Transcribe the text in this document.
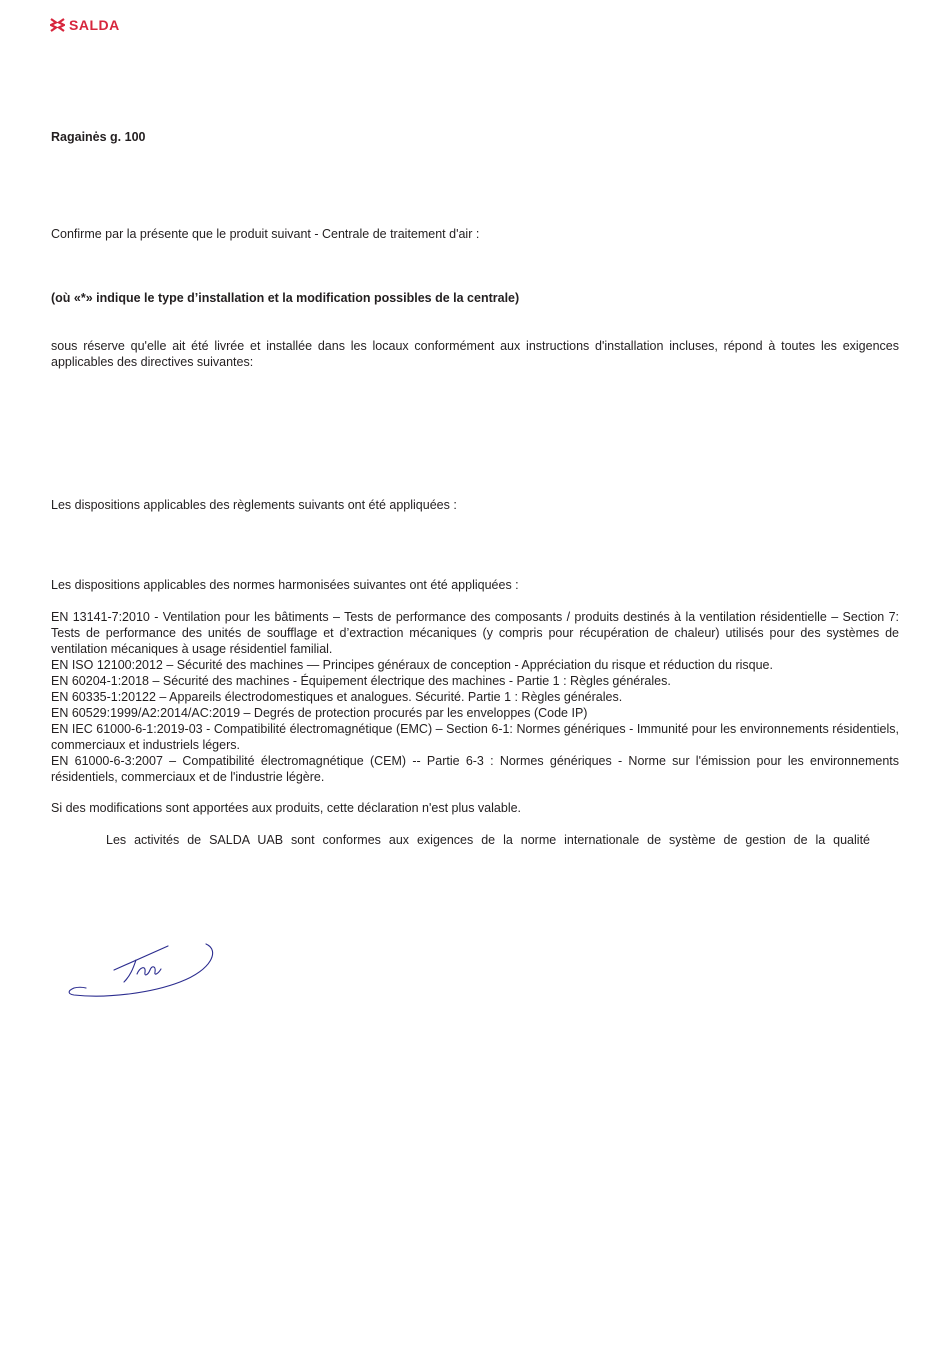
SALDA
Ragainės g. 100
Confirme par la présente que le produit suivant - Centrale de traitement d'air :
(où «*» indique le type d’installation et la modification possibles de la centrale)
sous réserve qu'elle ait été livrée et installée dans les locaux conformément aux instructions d'installation incluses, répond à toutes les exigences applicables des directives suivantes:
Les dispositions applicables des règlements suivants ont été appliquées :
Les dispositions applicables des normes harmonisées suivantes ont été appliquées :
EN 13141-7:2010 - Ventilation pour les bâtiments – Tests de performance des composants / produits destinés à la ventilation résidentielle – Section 7: Tests de performance des unités de soufflage et d’extraction mécaniques (y compris pour récupération de chaleur) utilisés pour des systèmes de ventilation mécaniques à usage résidentiel familial.
EN ISO 12100:2012 – Sécurité des machines — Principes généraux de conception - Appréciation du risque et réduction du risque.
EN 60204-1:2018 – Sécurité des machines - Équipement électrique des machines - Partie 1 : Règles générales.
EN 60335-1:20122 – Appareils électrodomestiques et analogues. Sécurité. Partie 1 : Règles générales.
EN 60529:1999/A2:2014/AC:2019 – Degrés de protection procurés par les enveloppes (Code IP)
EN IEC 61000-6-1:2019-03 - Compatibilité électromagnétique (EMC) – Section 6-1: Normes génériques - Immunité pour les environnements résidentiels, commerciaux et industriels légers.
EN 61000-6-3:2007 – Compatibilité électromagnétique (CEM) -- Partie 6-3 : Normes génériques - Norme sur l'émission pour les environnements résidentiels, commerciaux et de l'industrie légère.
Si des modifications sont apportées aux produits, cette déclaration n'est plus valable.
Les activités de SALDA UAB sont conformes aux exigences de la norme internationale de système de gestion de la qualité
